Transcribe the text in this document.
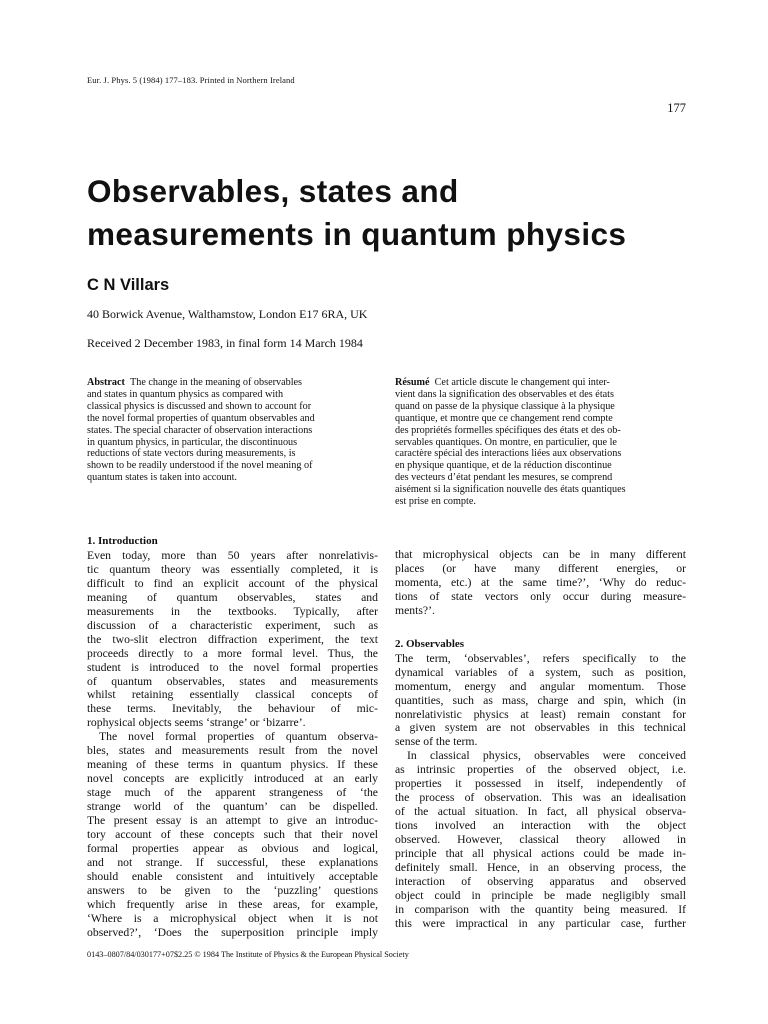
Eur. J. Phys. 5 (1984) 177–183. Printed in Northern Ireland
177
Observables, states and
measurements in quantum physics
C N Villars
40 Borwick Avenue, Walthamstow, London E17 6RA, UK
Received 2 December 1983, in final form 14 March 1984
Abstract The change in the meaning of observables
and states in quantum physics as compared with
classical physics is discussed and shown to account for
the novel formal properties of quantum observables and
states. The special character of observation interactions
in quantum physics, in particular, the discontinuous
reductions of state vectors during measurements, is
shown to be readily understood if the novel meaning of
quantum states is taken into account.
Résumé Cet article discute le changement qui inter-
vient dans la signification des observables et des états
quand on passe de la physique classique à la physique
quantique, et montre que ce changement rend compte
des propriétés formelles spécifiques des états et des ob-
servables quantiques. On montre, en particulier, que le
caractère spécial des interactions liées aux observations
en physique quantique, et de la réduction discontinue
des vecteurs d’état pendant les mesures, se comprend
aisément si la signification nouvelle des états quantiques
est prise en compte.
1. Introduction
Even today, more than 50 years after nonrelativis-
tic quantum theory was essentially completed, it is
difficult to find an explicit account of the physical
meaning of quantum observables, states and
measurements in the textbooks. Typically, after
discussion of a characteristic experiment, such as
the two-slit electron diffraction experiment, the text
proceeds directly to a more formal level. Thus, the
student is introduced to the novel formal properties
of quantum observables, states and measurements
whilst retaining essentially classical concepts of
these terms. Inevitably, the behaviour of mic-
rophysical objects seems ‘strange’ or ‘bizarre’.
The novel formal properties of quantum observa-
bles, states and measurements result from the novel
meaning of these terms in quantum physics. If these
novel concepts are explicitly introduced at an early
stage much of the apparent strangeness of ‘the
strange world of the quantum’ can be dispelled.
The present essay is an attempt to give an introduc-
tory account of these concepts such that their novel
formal properties appear as obvious and logical,
and not strange. If successful, these explanations
should enable consistent and intuitively acceptable
answers to be given to the ‘puzzling’ questions
which frequently arise in these areas, for example,
‘Where is a microphysical object when it is not
observed?’, ‘Does the superposition principle imply
that microphysical objects can be in many different
places (or have many different energies, or
momenta, etc.) at the same time?’, ‘Why do reduc-
tions of state vectors only occur during measure-
ments?’.
2. Observables
The term, ‘observables’, refers specifically to the
dynamical variables of a system, such as position,
momentum, energy and angular momentum. Those
quantities, such as mass, charge and spin, which (in
nonrelativistic physics at least) remain constant for
a given system are not observables in this technical
sense of the term.
In classical physics, observables were conceived
as intrinsic properties of the observed object, i.e.
properties it possessed in itself, independently of
the process of observation. This was an idealisation
of the actual situation. In fact, all physical observa-
tions involved an interaction with the object
observed. However, classical theory allowed in
principle that all physical actions could be made in-
definitely small. Hence, in an observing process, the
interaction of observing apparatus and observed
object could in principle be made negligibly small
in comparison with the quantity being measured. If
this were impractical in any particular case, further
0143–0807/84/030177+07$2.25 © 1984 The Institute of Physics & the European Physical Society
